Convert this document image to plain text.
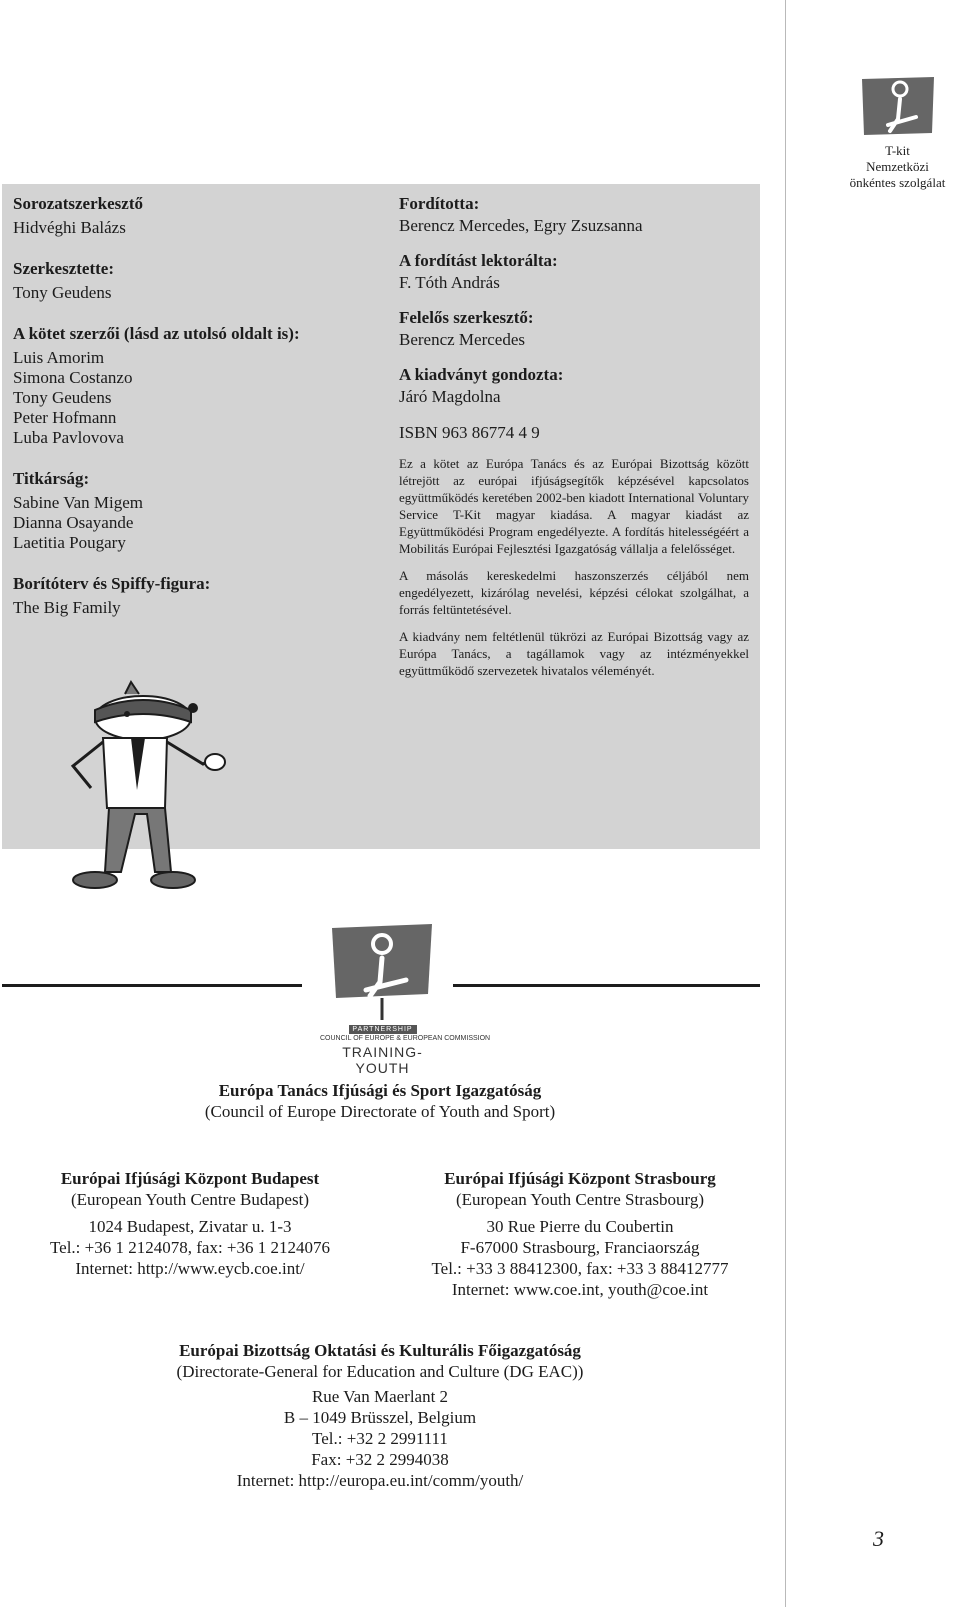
T-kit
Nemzetközi
önkéntes szolgálat
Sorozatszerkesztő
Hidvéghi Balázs
Szerkesztette:
Tony Geudens
A kötet szerzői (lásd az utolsó oldalt is):
Luis Amorim
Simona Costanzo
Tony Geudens
Peter Hofmann
Luba Pavlovova
Titkárság:
Sabine Van Migem
Dianna Osayande
Laetitia Pougary
Borítóterv és Spiffy-figura:
The Big Family
Fordította:
Berencz Mercedes, Egry Zsuzsanna
A fordítást lektorálta:
F. Tóth András
Felelős szerkesztő:
Berencz Mercedes
A kiadványt gondozta:
Járó Magdolna
ISBN 963 86774 4 9
Ez a kötet az Európa Tanács és az Európai Bizottság között létrejött az európai ifjúságsegítők képzésével kapcsolatos együttműködés keretében 2002-ben kiadott International Voluntary Service T-Kit magyar kiadása. A magyar kiadást az Együttműködési Program engedélyezte. A fordítás hitelességéért a Mobilitás Európai Fejlesztési Igazgatóság vállalja a felelősséget.
A másolás kereskedelmi haszonszerzés céljából nem engedélyezett, kizárólag nevelési, képzési célokat szolgálhat, a forrás feltüntetésével.
A kiadvány nem feltétlenül tükrözi az Európai Bizottság vagy az Európa Tanács, a tagállamok vagy az intézményekkel együttműködő szervezetek hivatalos véleményét.
PARTNERSHIP
COUNCIL OF EUROPE & EUROPEAN COMMISSION
TRAINING-YOUTH
Európa Tanács Ifjúsági és Sport Igazgatóság
(Council of Europe Directorate of Youth and Sport)
Európai Ifjúsági Központ Budapest
(European Youth Centre Budapest)
1024 Budapest, Zivatar u. 1-3
Tel.: +36 1 2124078, fax: +36 1 2124076
Internet: http://www.eycb.coe.int/
Európai Ifjúsági Központ Strasbourg
(European Youth Centre Strasbourg)
30 Rue Pierre du Coubertin
F-67000 Strasbourg, Franciaország
Tel.: +33 3 88412300, fax: +33 3 88412777
Internet: www.coe.int, youth@coe.int
Európai Bizottság Oktatási és Kulturális Főigazgatóság
(Directorate-General for Education and Culture (DG EAC))
Rue Van Maerlant 2
B – 1049 Brüsszel, Belgium
Tel.: +32 2 2991111
Fax: +32 2 2994038
Internet: http://europa.eu.int/comm/youth/
3
